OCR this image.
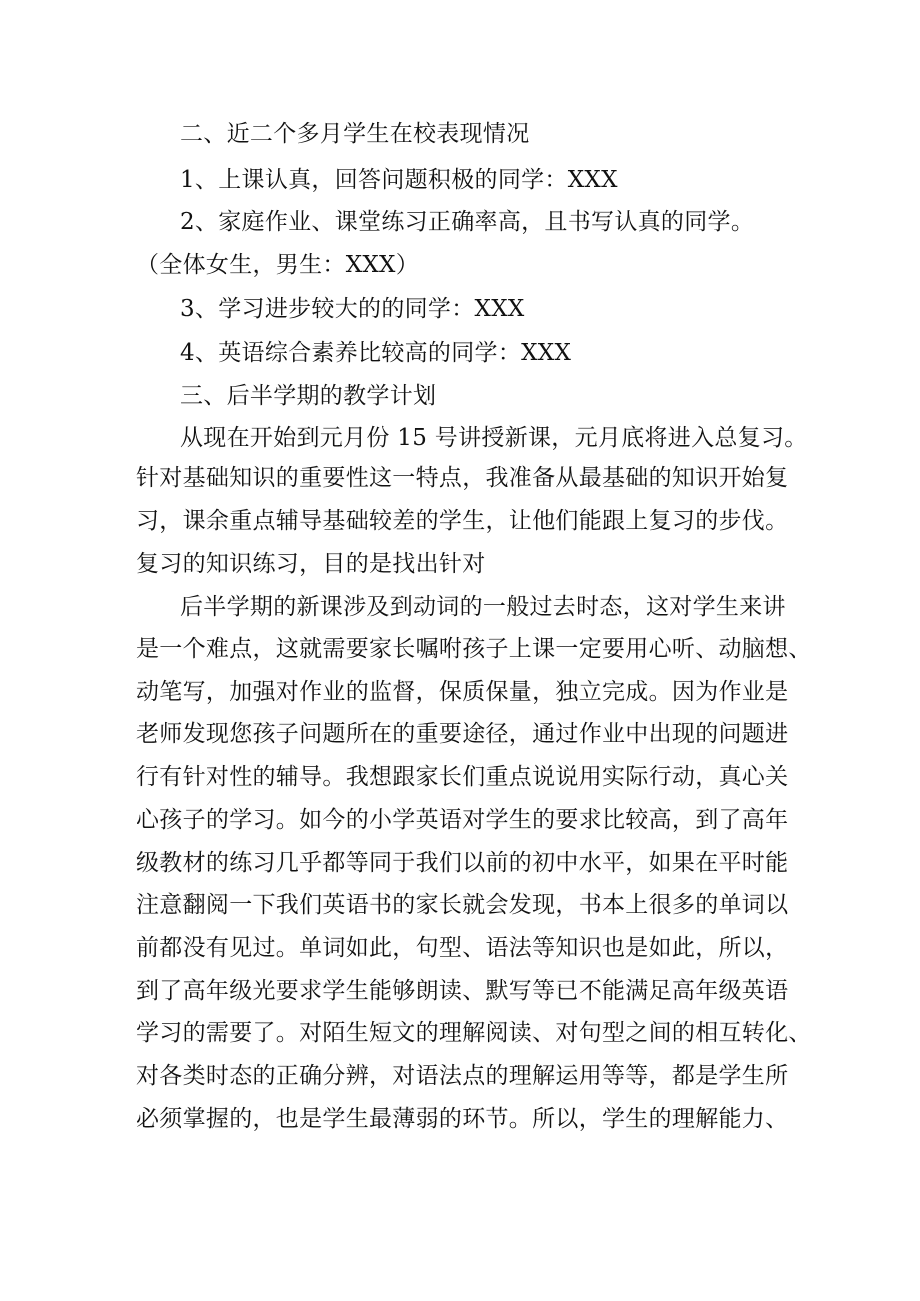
二、近二个多月学生在校表现情况

1、上课认真，回答问题积极的同学：XXX

2、家庭作业、课堂练习正确率高，且书写认真的同学。

（全体女生，男生：XXX）

3、学习进步较大的的同学：XXX

4、英语综合素养比较高的同学：XXX

三、后半学期的教学计划

从现在开始到元月份 15 号讲授新课，元月底将进入总复习。

针对基础知识的重要性这一特点，我准备从最基础的知识开始复

习，课余重点辅导基础较差的学生，让他们能跟上复习的步伐。

复习的知识练习，目的是找出针对

后半学期的新课涉及到动词的一般过去时态，这对学生来讲

是一个难点，这就需要家长嘱咐孩子上课一定要用心听、动脑想、

动笔写，加强对作业的监督，保质保量，独立完成。因为作业是

老师发现您孩子问题所在的重要途径，通过作业中出现的问题进

行有针对性的辅导。我想跟家长们重点说说用实际行动，真心关

心孩子的学习。如今的小学英语对学生的要求比较高，到了高年

级教材的练习几乎都等同于我们以前的初中水平，如果在平时能

注意翻阅一下我们英语书的家长就会发现，书本上很多的单词以

前都没有见过。单词如此，句型、语法等知识也是如此，所以，

到了高年级光要求学生能够朗读、默写等已不能满足高年级英语

学习的需要了。对陌生短文的理解阅读、对句型之间的相互转化、

对各类时态的正确分辨，对语法点的理解运用等等，都是学生所

必须掌握的，也是学生最薄弱的环节。所以，学生的理解能力、
